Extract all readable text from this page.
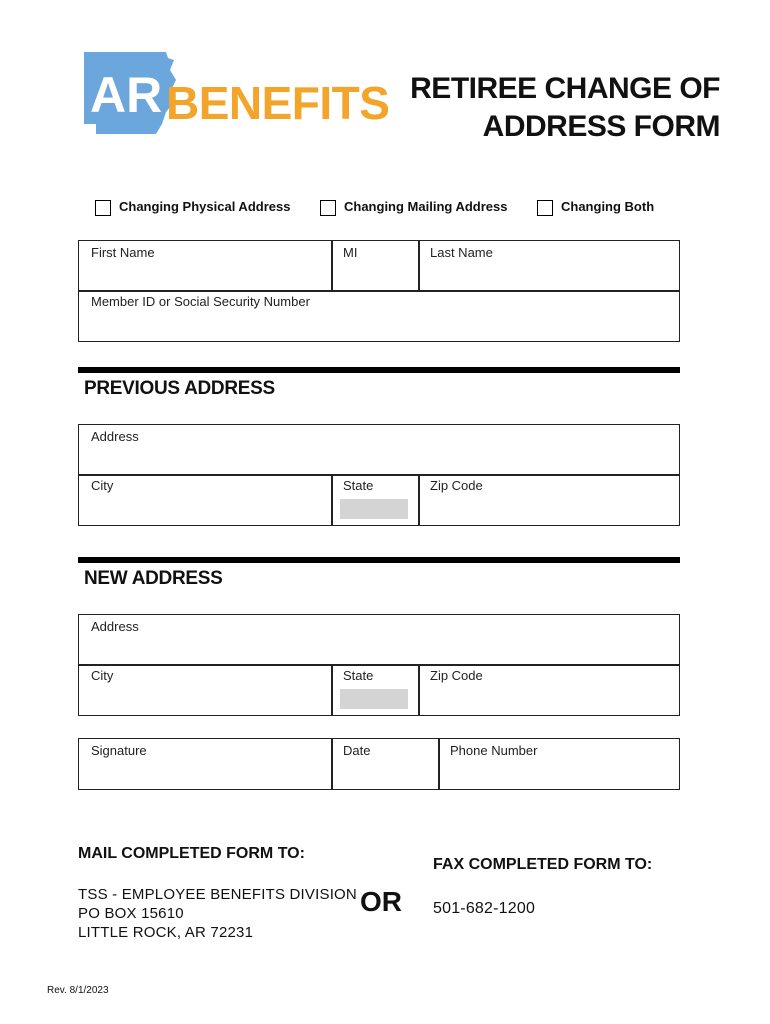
AR BENEFITS RETIREE CHANGE OF
ADDRESS FORM
Changing Physical Address	Changing Mailing Address	Changing Both
First Name	MI	Last Name
Member ID or Social Security Number
PREVIOUS ADDRESS
Address
City	State	Zip Code
NEW ADDRESS
Address
City	State	Zip Code
Signature	Date	Phone Number
MAIL COMPLETED FORM TO:
TSS - EMPLOYEE BENEFITS DIVISION
PO BOX 15610
LITTLE ROCK, AR 72231
OR
FAX COMPLETED FORM TO:
501-682-1200
Rev. 8/1/2023
